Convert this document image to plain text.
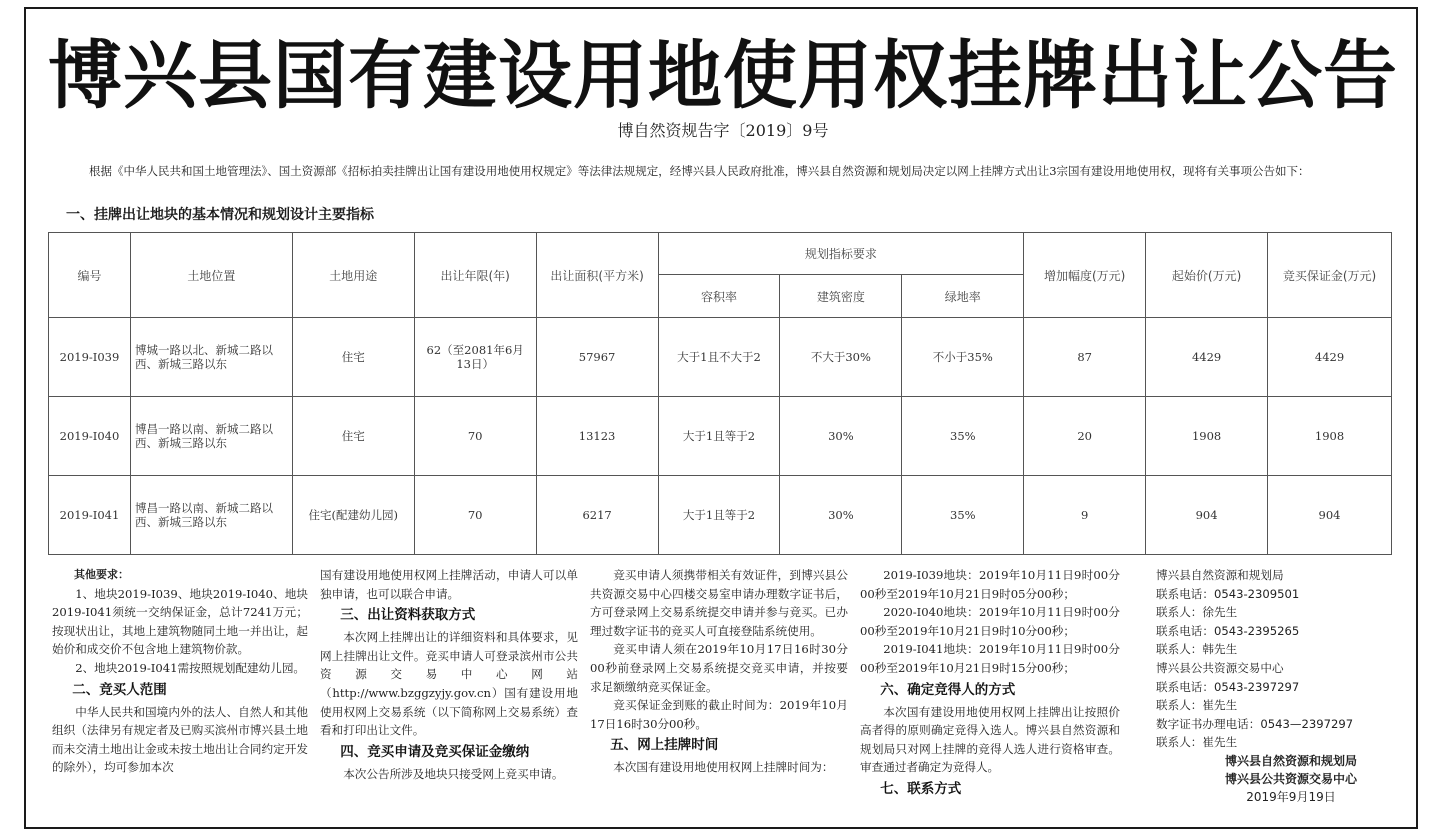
博兴县国有建设用地使用权挂牌出让公告
博自然资规告字〔2019〕9号
根据《中华人民共和国土地管理法》、国土资源部《招标拍卖挂牌出让国有建设用地使用权规定》等法律法规规定，经博兴县人民政府批准，博兴县自然资源和规划局决定以网上挂牌方式出让3宗国有建设用地使用权，现将有关事项公告如下：
一、挂牌出让地块的基本情况和规划设计主要指标
编号	土地位置	土地用途	出让年限(年)	出让面积(平方米)	规划指标要求			增加幅度(万元)	起始价(万元)	竞买保证金(万元)
					容积率	建筑密度	绿地率			
2019-I039	博城一路以北、新城二路以西、新城三路以东	住宅	62（至2081年6月13日）	57967	大于1且不大于2	不大于30%	不小于35%	87	4429	4429
2019-I040	博昌一路以南、新城二路以西、新城三路以东	住宅	70	13123	大于1且等于2	30%	35%	20	1908	1908
2019-I041	博昌一路以南、新城二路以西、新城三路以东	住宅(配建幼儿园)	70	6217	大于1且等于2	30%	35%	9	904	904

其他要求：

1、地块2019-I039、地块2019-I040、地块2019-I041须统一交纳保证金，总计7241万元；按现状出让，其地上建筑物随同土地一并出让，起始价和成交价不包含地上建筑物价款。

2、地块2019-I041需按照规划配建幼儿园。

二、竞买人范围

中华人民共和国境内外的法人、自然人和其他组织（法律另有规定者及已购买滨州市博兴县土地而未交清土地出让金或未按土地出让合同约定开发的除外），均可参加本次

国有建设用地使用权网上挂牌活动，申请人可以单独申请，也可以联合申请。

三、出让资料获取方式

本次网上挂牌出让的详细资料和具体要求，见网上挂牌出让文件。竞买申请人可登录滨州市公共资源交易中心网站（http://www.bzggzyjy.gov.cn）国有建设用地使用权网上交易系统（以下简称网上交易系统）查看和打印出让文件。

四、竞买申请及竞买保证金缴纳

本次公告所涉及地块只接受网上竞买申请。

竞买申请人须携带相关有效证件，到博兴县公共资源交易中心四楼交易室申请办理数字证书后，方可登录网上交易系统提交申请并参与竞买。已办理过数字证书的竞买人可直接登陆系统使用。

竞买申请人须在2019年10月17日16时30分00秒前登录网上交易系统提交竞买申请，并按要求足额缴纳竞买保证金。

竞买保证金到账的截止时间为：2019年10月17日16时30分00秒。

五、网上挂牌时间

本次国有建设用地使用权网上挂牌时间为：

2019-I039地块：2019年10月11日9时00分00秒至2019年10月21日9时05分00秒；

2020-I040地块：2019年10月11日9时00分00秒至2019年10月21日9时10分00秒；

2019-I041地块：2019年10月11日9时00分00秒至2019年10月21日9时15分00秒；

六、确定竞得人的方式

本次国有建设用地使用权网上挂牌出让按照价高者得的原则确定竞得入选人。博兴县自然资源和规划局只对网上挂牌的竞得人选人进行资格审查。审查通过者确定为竞得人。

七、联系方式
博兴县自然资源和规划局
联系电话：0543-2309501
联系人：徐先生
联系电话：0543-2395265
联系人：韩先生
博兴县公共资源交易中心
联系电话：0543-2397297
联系人：崔先生
数字证书办理电话：0543—2397297
联系人：崔先生
博兴县自然资源和规划局
博兴县公共资源交易中心
2019年9月19日
